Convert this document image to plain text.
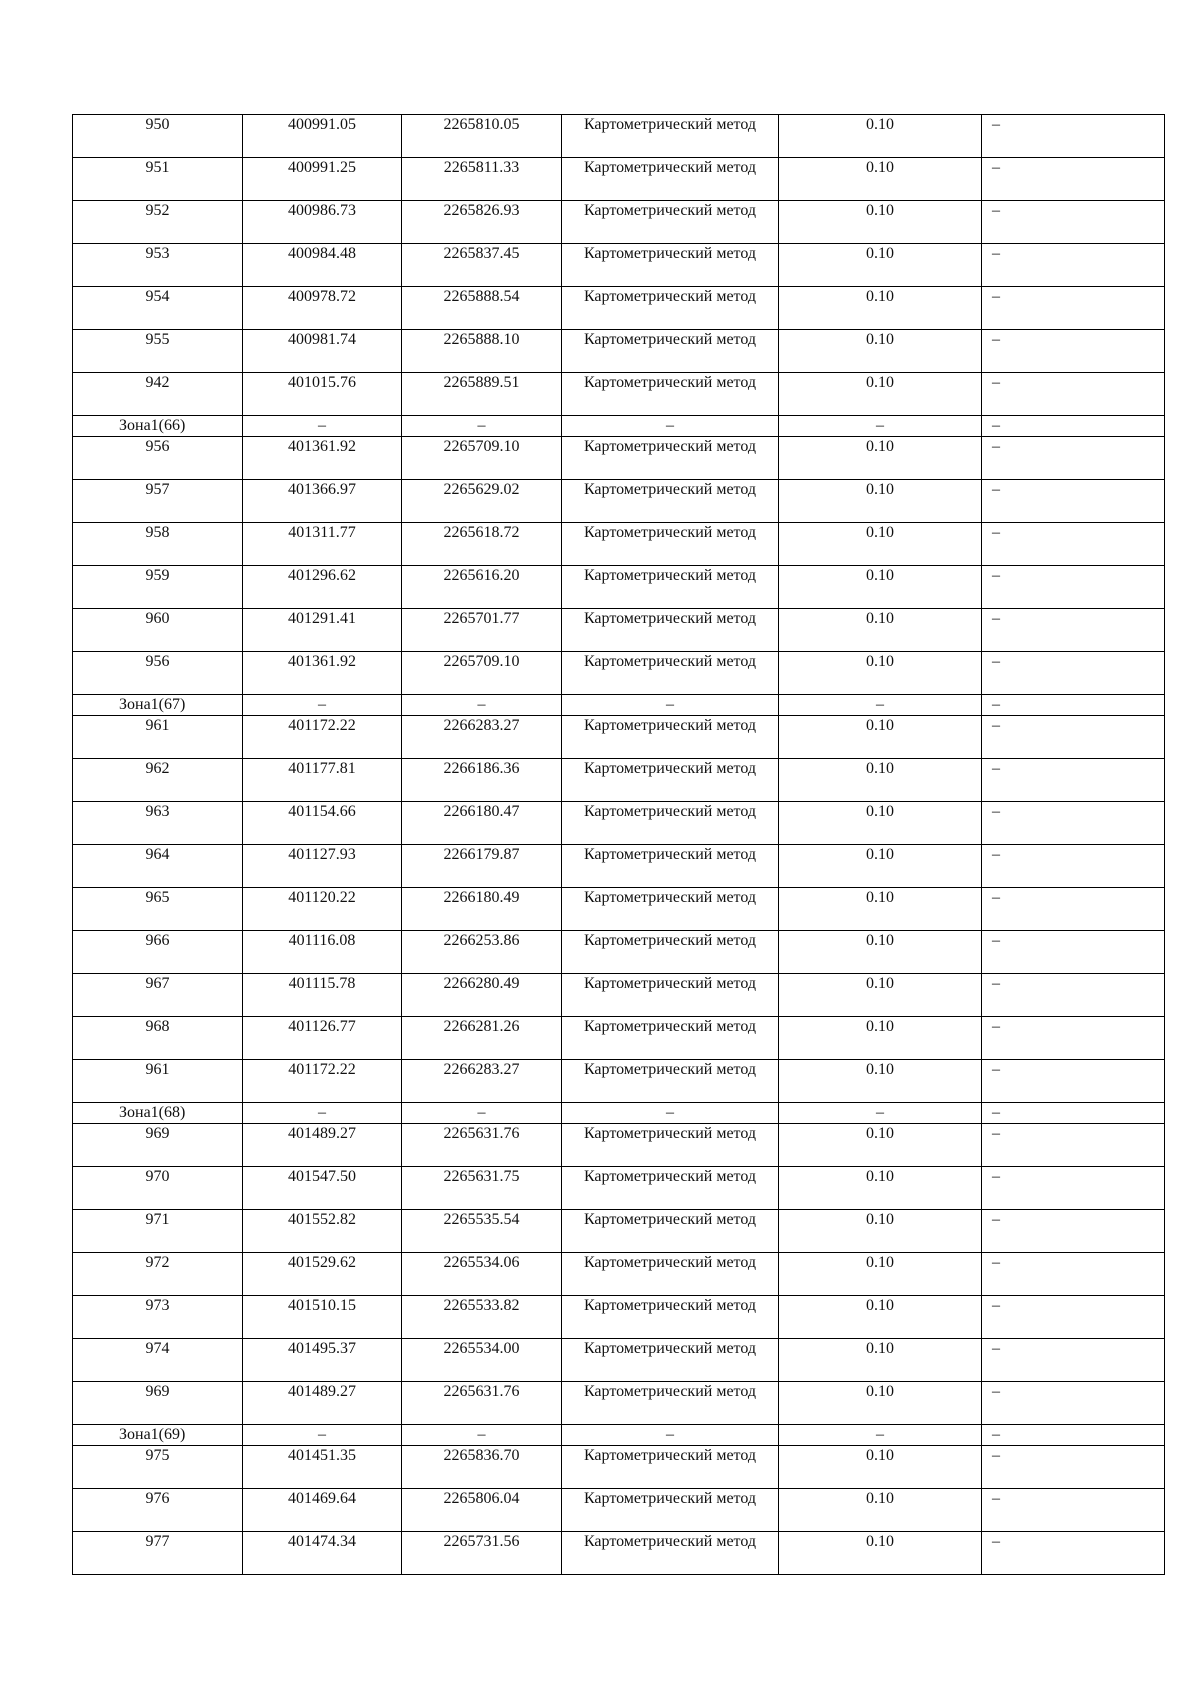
950	400991.05	2265810.05	Картометрический метод	0.10	–
951	400991.25	2265811.33	Картометрический метод	0.10	–
952	400986.73	2265826.93	Картометрический метод	0.10	–
953	400984.48	2265837.45	Картометрический метод	0.10	–
954	400978.72	2265888.54	Картометрический метод	0.10	–
955	400981.74	2265888.10	Картометрический метод	0.10	–
942	401015.76	2265889.51	Картометрический метод	0.10	–
Зона1(66)	–	–	–	–	–
956	401361.92	2265709.10	Картометрический метод	0.10	–
957	401366.97	2265629.02	Картометрический метод	0.10	–
958	401311.77	2265618.72	Картометрический метод	0.10	–
959	401296.62	2265616.20	Картометрический метод	0.10	–
960	401291.41	2265701.77	Картометрический метод	0.10	–
956	401361.92	2265709.10	Картометрический метод	0.10	–
Зона1(67)	–	–	–	–	–
961	401172.22	2266283.27	Картометрический метод	0.10	–
962	401177.81	2266186.36	Картометрический метод	0.10	–
963	401154.66	2266180.47	Картометрический метод	0.10	–
964	401127.93	2266179.87	Картометрический метод	0.10	–
965	401120.22	2266180.49	Картометрический метод	0.10	–
966	401116.08	2266253.86	Картометрический метод	0.10	–
967	401115.78	2266280.49	Картометрический метод	0.10	–
968	401126.77	2266281.26	Картометрический метод	0.10	–
961	401172.22	2266283.27	Картометрический метод	0.10	–
Зона1(68)	–	–	–	–	–
969	401489.27	2265631.76	Картометрический метод	0.10	–
970	401547.50	2265631.75	Картометрический метод	0.10	–
971	401552.82	2265535.54	Картометрический метод	0.10	–
972	401529.62	2265534.06	Картометрический метод	0.10	–
973	401510.15	2265533.82	Картометрический метод	0.10	–
974	401495.37	2265534.00	Картометрический метод	0.10	–
969	401489.27	2265631.76	Картометрический метод	0.10	–
Зона1(69)	–	–	–	–	–
975	401451.35	2265836.70	Картометрический метод	0.10	–
976	401469.64	2265806.04	Картометрический метод	0.10	–
977	401474.34	2265731.56	Картометрический метод	0.10	–
